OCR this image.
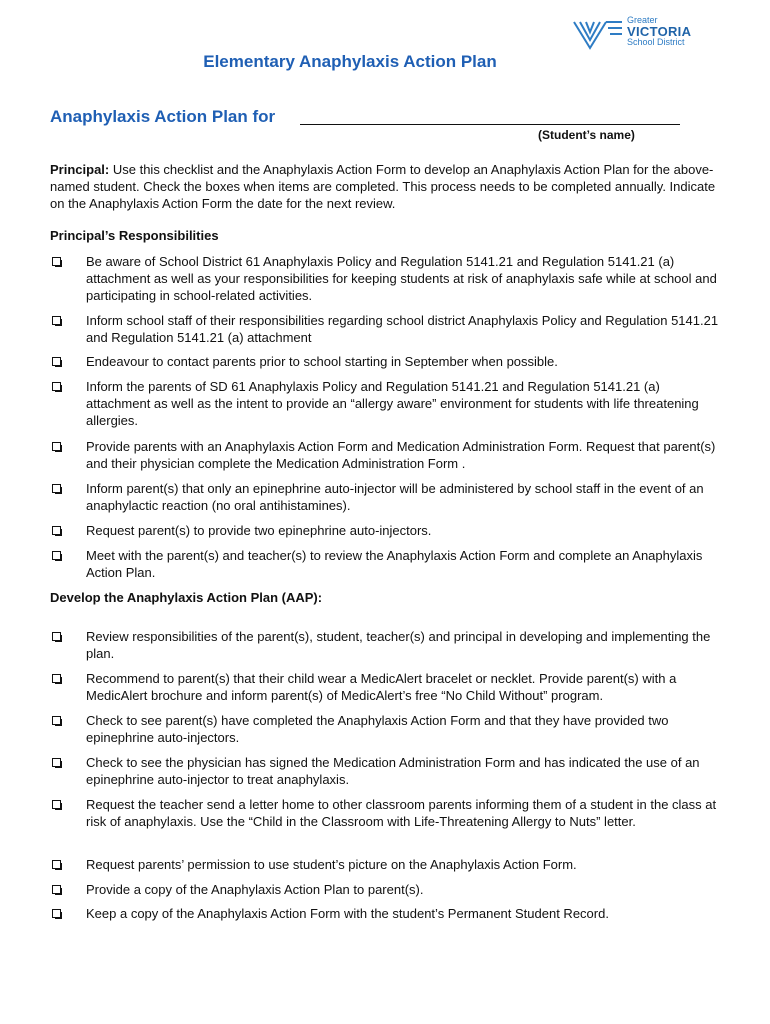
Greater
VICTORIA
School District
Elementary Anaphylaxis Action Plan
Anaphylaxis Action Plan for
(Student’s name)
Principal: Use this checklist and the Anaphylaxis Action Form to develop an Anaphylaxis Action Plan for the above-named student. Check the boxes when items are completed. This process needs to be completed annually. Indicate on the Anaphylaxis Action Form the date for the next review.
Principal’s Responsibilities
Be aware of School District 61 Anaphylaxis Policy and Regulation 5141.21 and Regulation 5141.21 (a) attachment as well as your responsibilities for keeping students at risk of anaphylaxis safe while at school and participating in school-related activities.
Inform school staff of their responsibilities regarding school district Anaphylaxis Policy and Regulation 5141.21 and Regulation 5141.21 (a) attachment
Endeavour to contact parents prior to school starting in September when possible.
Inform the parents of SD 61 Anaphylaxis Policy and Regulation 5141.21 and Regulation 5141.21 (a) attachment as well as the intent to provide an “allergy aware” environment for students with life threatening allergies.
Provide parents with an Anaphylaxis Action Form and Medication Administration Form. Request that parent(s) and their physician complete the Medication Administration Form .
Inform parent(s) that only an epinephrine auto-injector will be administered by school staff in the event of an anaphylactic reaction (no oral antihistamines).
Request parent(s) to provide two epinephrine auto-injectors.
Meet with the parent(s) and teacher(s) to review the Anaphylaxis Action Form and complete an Anaphylaxis Action Plan.
Develop the Anaphylaxis Action Plan (AAP):
Review responsibilities of the parent(s), student, teacher(s) and principal in developing and implementing the plan.
Recommend to parent(s) that their child wear a MedicAlert bracelet or necklet. Provide parent(s) with a MedicAlert brochure and inform parent(s) of MedicAlert’s free “No Child Without” program.
Check to see parent(s) have completed the Anaphylaxis Action Form and that they have provided two epinephrine auto-injectors.
Check to see the physician has signed the Medication Administration Form and has indicated the use of an epinephrine auto-injector to treat anaphylaxis.
Request the teacher send a letter home to other classroom parents informing them of a student in the class at risk of anaphylaxis. Use the “Child in the Classroom with Life-Threatening Allergy to Nuts” letter.
Request parents’ permission to use student’s picture on the Anaphylaxis Action Form.
Provide a copy of the Anaphylaxis Action Plan to parent(s).
Keep a copy of the Anaphylaxis Action Form with the student’s Permanent Student Record.
